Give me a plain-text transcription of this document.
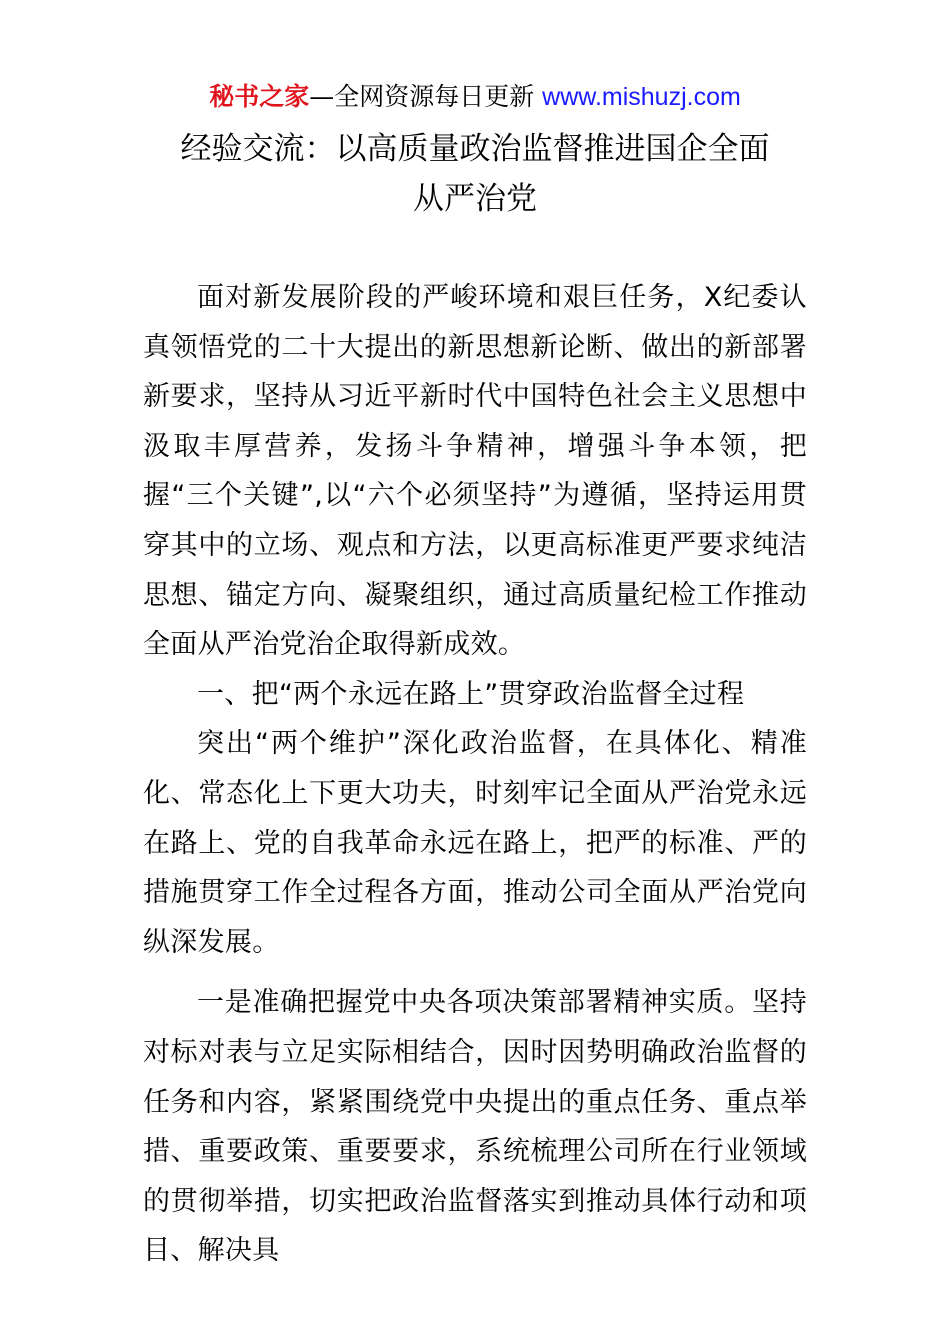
秘书之家—全网资源每日更新 www.mishuzj.com
经验交流：以高质量政治监督推进国企全面
从严治党

面对新发展阶段的严峻环境和艰巨任务，X纪委认真领悟党的二十大提出的新思想新论断、做出的新部署新要求，坚持从习近平新时代中国特色社会主义思想中汲取丰厚营养，发扬斗争精神，增强斗争本领，把握“三个关键”,以“六个必须坚持”为遵循，坚持运用贯穿其中的立场、观点和方法，以更高标准更严要求纯洁思想、锚定方向、凝聚组织，通过高质量纪检工作推动全面从严治党治企取得新成效。

一、把“两个永远在路上”贯穿政治监督全过程

突出“两个维护”深化政治监督，在具体化、精准化、常态化上下更大功夫，时刻牢记全面从严治党永远在路上、党的自我革命永远在路上，把严的标准、严的措施贯穿工作全过程各方面，推动公司全面从严治党向纵深发展。

一是准确把握党中央各项决策部署精神实质。坚持对标对表与立足实际相结合，因时因势明确政治监督的任务和内容，紧紧围绕党中央提出的重点任务、重点举措、重要政策、重要要求，系统梳理公司所在行业领域的贯彻举措，切实把政治监督落实到推动具体行动和项目、解决具
